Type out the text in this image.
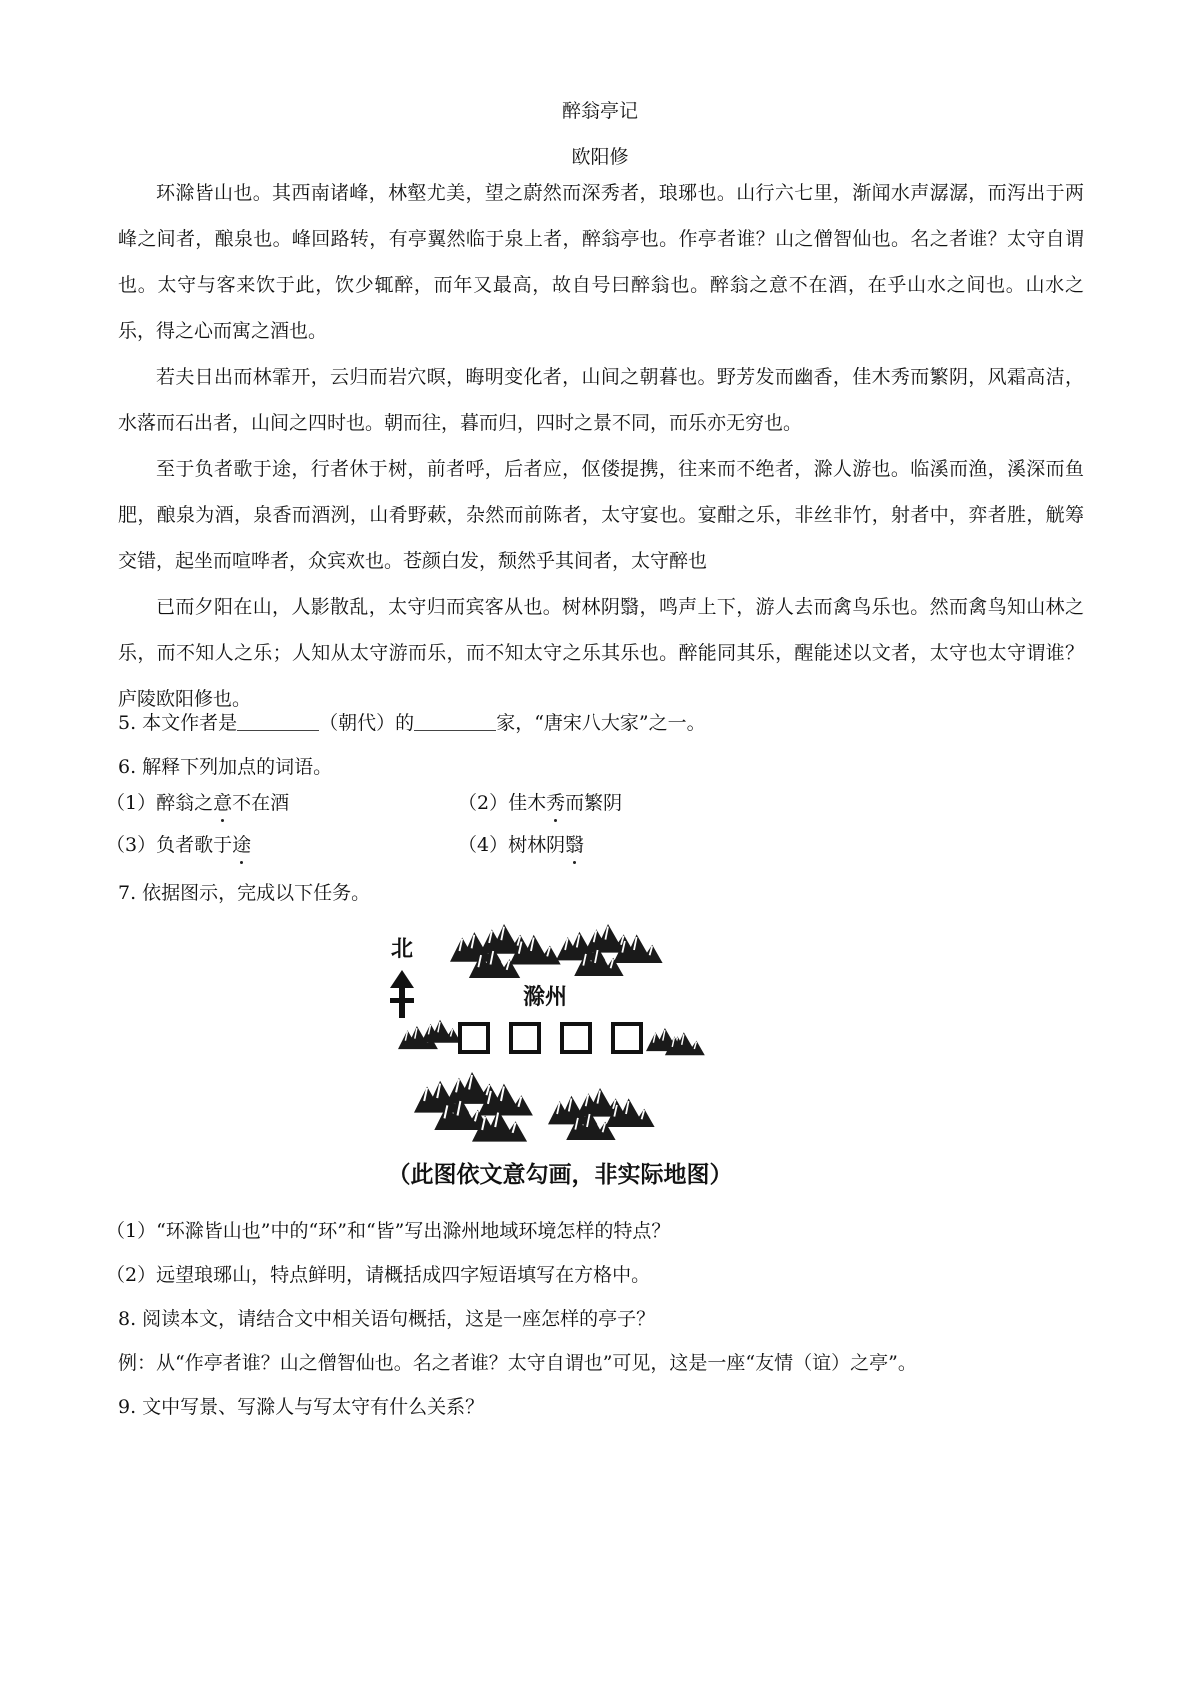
醉翁亭记
欧阳修

环滁皆山也。其西南诸峰，林壑尤美，望之蔚然而深秀者，琅琊也。山行六七里，渐闻水声潺潺，而泻出于两峰之间者，酿泉也。峰回路转，有亭翼然临于泉上者，醉翁亭也。作亭者谁？山之僧智仙也。名之者谁？太守自谓也。太守与客来饮于此，饮少辄醉，而年又最高，故自号曰醉翁也。醉翁之意不在酒，在乎山水之间也。山水之乐，得之心而寓之酒也。

若夫日出而林霏开，云归而岩穴暝，晦明变化者，山间之朝暮也。野芳发而幽香，佳木秀而繁阴，风霜高洁，水落而石出者，山间之四时也。朝而往，暮而归，四时之景不同，而乐亦无穷也。

至于负者歌于途，行者休于树，前者呼，后者应，伛偻提携，往来而不绝者，滁人游也。临溪而渔，溪深而鱼肥，酿泉为酒，泉香而酒洌，山肴野蔌，杂然而前陈者，太守宴也。宴酣之乐，非丝非竹，射者中，弈者胜，觥筹交错，起坐而喧哗者，众宾欢也。苍颜白发，颓然乎其间者，太守醉也

已而夕阳在山，人影散乱，太守归而宾客从也。树林阴翳，鸣声上下，游人去而禽鸟乐也。然而禽鸟知山林之乐，而不知人之乐；人知从太守游而乐，而不知太守之乐其乐也。醉能同其乐，醒能述以文者，太守也太守谓谁？庐陵欧阳修也。

5. 本文作者是	（朝代）的	家，“唐宋八大家”之一。
6. 解释下列加点的词语。
（1）醉翁之意不在酒	（2）佳木秀而繁阴
（3）负者歌于途	（4）树林阴翳
7. 依据图示，完成以下任务。
北
滁州
（此图依文意勾画，非实际地图）
（1）“环滁皆山也”中的“环”和“皆”写出滁州地域环境怎样的特点？
（2）远望琅琊山，特点鲜明，请概括成四字短语填写在方格中。
8. 阅读本文，请结合文中相关语句概括，这是一座怎样的亭子？
例：从“作亭者谁？山之僧智仙也。名之者谁？太守自谓也”可见，这是一座“友情（谊）之亭”。
9. 文中写景、写滁人与写太守有什么关系？
